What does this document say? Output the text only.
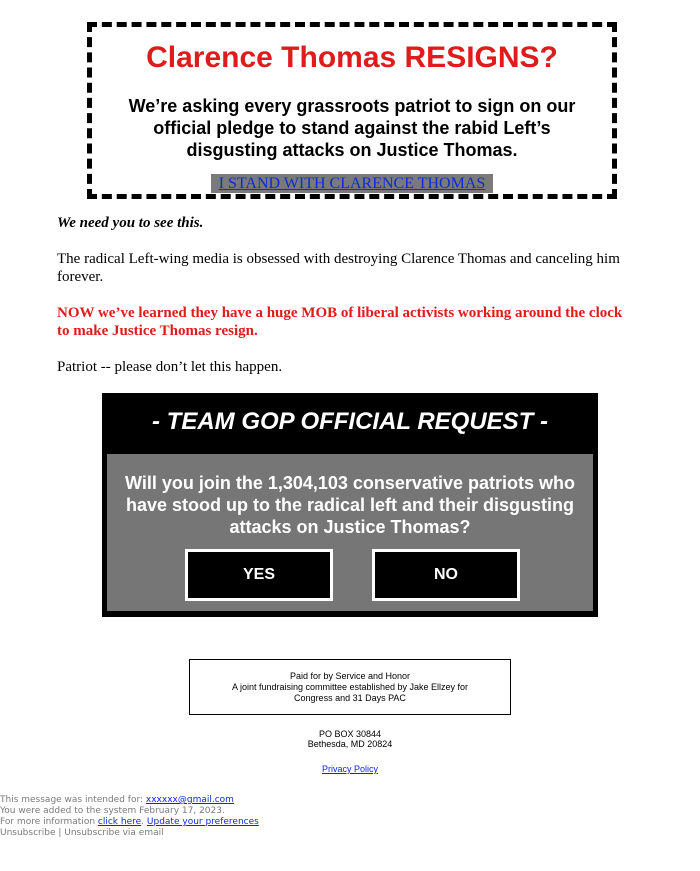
Clarence Thomas RESIGNS?
We’re asking every grassroots patriot to sign on our official pledge to stand against the rabid Left’s disgusting attacks on Justice Thomas.
I STAND WITH CLARENCE THOMAS
We need you to see this.
The radical Left-wing media is obsessed with destroying Clarence Thomas and canceling him forever.
NOW we’ve learned they have a huge MOB of liberal activists working around the clock to make Justice Thomas resign.
Patriot -- please don’t let this happen.
- TEAM GOP OFFICIAL REQUEST -
Will you join the 1,304,103 conservative patriots who have stood up to the radical left and their disgusting attacks on Justice Thomas?
YES	NO
Paid for by Service and Honor
A joint fundraising committee established by Jake Ellzey for Congress and 31 Days PAC
PO BOX 30844
Bethesda, MD 20824
Privacy Policy
This message was intended for: xxxxxx@gmail.com
You were added to the system February 17, 2023.
For more information click here. Update your preferences
Unsubscribe | Unsubscribe via email
